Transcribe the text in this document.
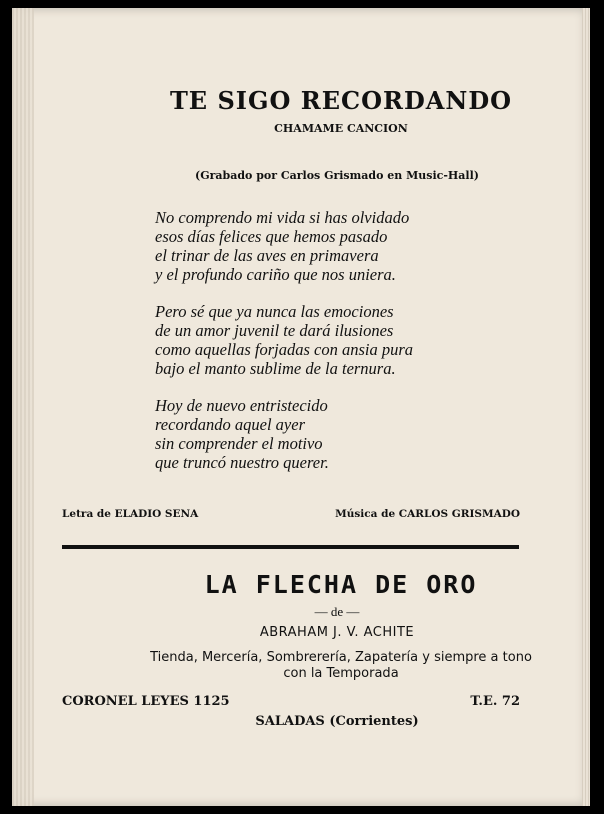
TE SIGO RECORDANDO
CHAMAME CANCION
(Grabado por Carlos Grismado en Music-Hall)
No comprendo mi vida si has olvidado
esos días felices que hemos pasado
el trinar de las aves en primavera
y el profundo cariño que nos uniera.
Pero sé que ya nunca las emociones
de un amor juvenil te dará ilusiones
como aquellas forjadas con ansia pura
bajo el manto sublime de la ternura.
Hoy de nuevo entristecido
recordando aquel ayer
sin comprender el motivo
que truncó nuestro querer.
Letra de ELADIO SENA	Música de CARLOS GRISMADO
LA FLECHA DE ORO
— de —
ABRAHAM J. V. ACHITE
Tienda, Mercería, Sombrerería, Zapatería y siempre a tono
con la Temporada
CORONEL LEYES 1125	T.E. 72
SALADAS (Corrientes)
